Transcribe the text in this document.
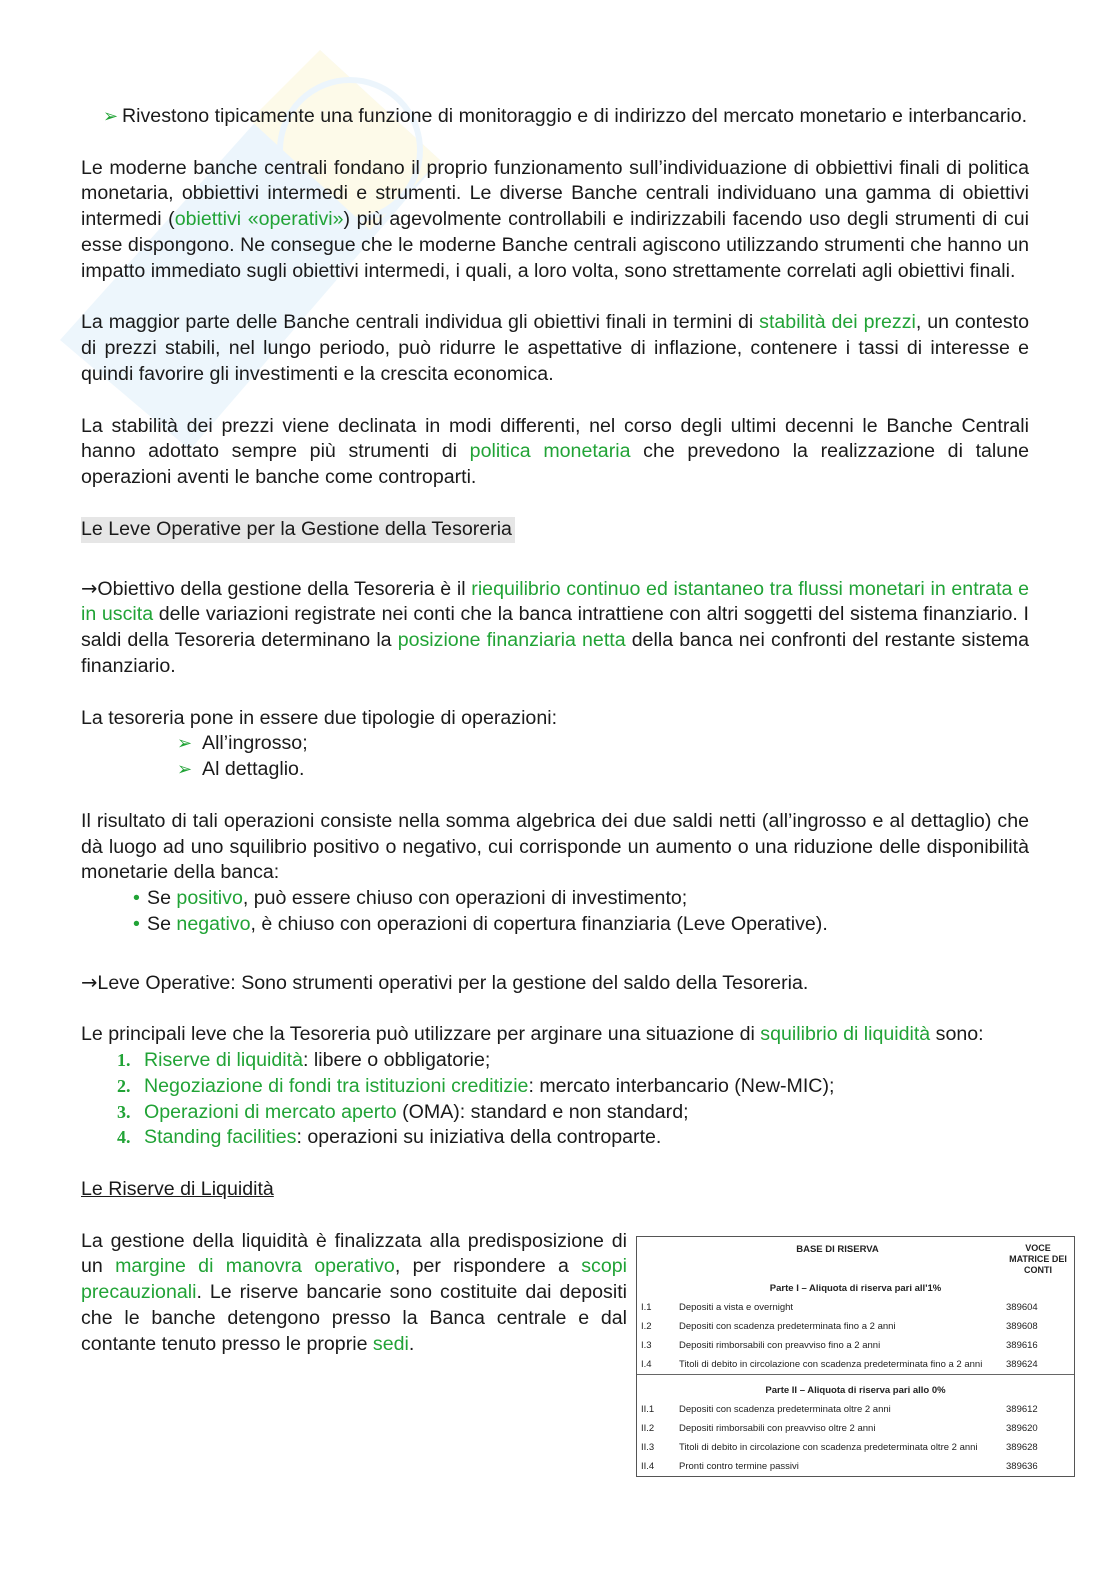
➢ Rivestono tipicamente una funzione di monitoraggio e di indirizzo del mercato monetario e interbancario.

Le moderne banche centrali fondano il proprio funzionamento sull’individuazione di obbiettivi finali di politica monetaria, obbiettivi intermedi e strumenti. Le diverse Banche centrali individuano una gamma di obiettivi intermedi (obiettivi «operativi») più agevolmente controllabili e indirizzabili facendo uso degli strumenti di cui esse dispongono. Ne consegue che le moderne Banche centrali agiscono utilizzando strumenti che hanno un impatto immediato sugli obiettivi intermedi, i quali, a loro volta, sono strettamente correlati agli obiettivi finali.

La maggior parte delle Banche centrali individua gli obiettivi finali in termini di stabilità dei prezzi, un contesto di prezzi stabili, nel lungo periodo, può ridurre le aspettative di inflazione, contenere i tassi di interesse e quindi favorire gli investimenti e la crescita economica.

La stabilità dei prezzi viene declinata in modi differenti, nel corso degli ultimi decenni le Banche Centrali hanno adottato sempre più strumenti di politica monetaria che prevedono la realizzazione di talune operazioni aventi le banche come controparti.

Le Leve Operative per la Gestione della Tesoreria

→Obiettivo della gestione della Tesoreria è il riequilibrio continuo ed istantaneo tra flussi monetari in entrata e in uscita delle variazioni registrate nei conti che la banca intrattiene con altri soggetti del sistema finanziario. I saldi della Tesoreria determinano la posizione finanziaria netta della banca nei confronti del restante sistema finanziario.

La tesoreria pone in essere due tipologie di operazioni:

➢ All’ingrosso;
➢ Al dettaglio.

Il risultato di tali operazioni consiste nella somma algebrica dei due saldi netti (all’ingrosso e al dettaglio) che dà luogo ad uno squilibrio positivo o negativo, cui corrisponde un aumento o una riduzione delle disponibilità monetarie della banca:

• Se positivo, può essere chiuso con operazioni di investimento;
• Se negativo, è chiuso con operazioni di copertura finanziaria (Leve Operative).

→Leve Operative: Sono strumenti operativi per la gestione del saldo della Tesoreria.

Le principali leve che la Tesoreria può utilizzare per arginare una situazione di squilibrio di liquidità sono:

1. Riserve di liquidità: libere o obbligatorie;
2. Negoziazione di fondi tra istituzioni creditizie: mercato interbancario (New-MIC);
3. Operazioni di mercato aperto (OMA): standard e non standard;
4. Standing facilities: operazioni su iniziativa della controparte.

Le Riserve di Liquidità

La gestione della liquidità è finalizzata alla predisposizione di un margine di manovra operativo, per rispondere a scopi precauzionali. Le riserve bancarie sono costituite dai depositi che le banche detengono presso la Banca centrale e dal contante tenuto presso le proprie sedi.

BASE DI RISERVA		VOCE MATRICE DEI CONTI
Parte I – Aliquota di riserva pari all'1%		
I.1	Depositi a vista e overnight	389604
I.2	Depositi con scadenza predeterminata fino a 2 anni	389608
I.3	Depositi rimborsabili con preavviso fino a 2 anni	389616
I.4	Titoli di debito in circolazione con scadenza predeterminata fino a 2 anni	389624

Parte II – Aliquota di riserva pari allo 0%		
II.1	Depositi con scadenza predeterminata oltre 2 anni	389612
II.2	Depositi rimborsabili con preavviso oltre 2 anni	389620
II.3	Titoli di debito in circolazione con scadenza predeterminata oltre 2 anni	389628
II.4	Pronti contro termine passivi	389636
